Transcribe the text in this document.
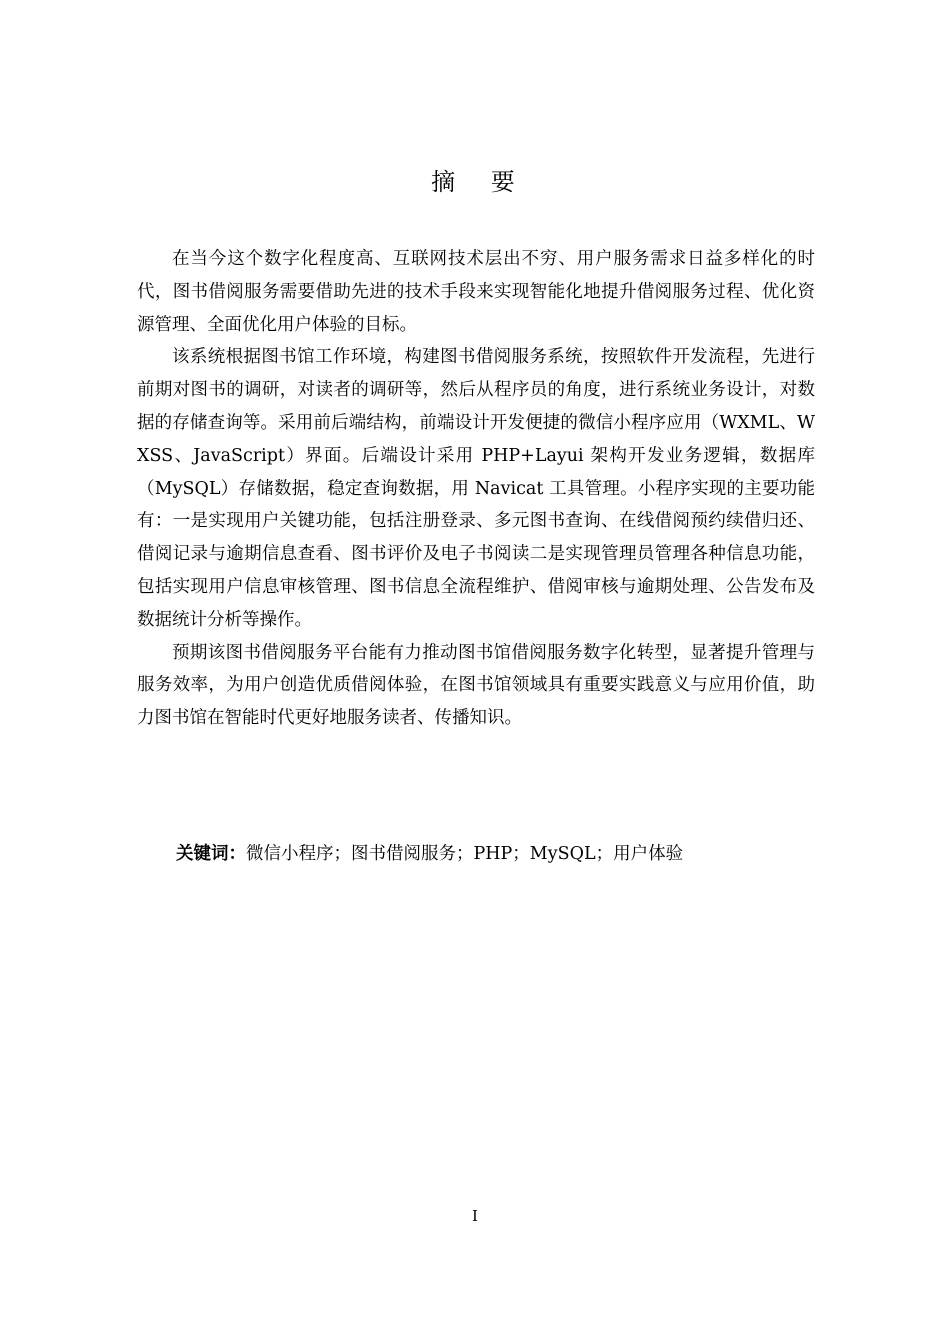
摘 要

在当今这个数字化程度高、互联网技术层出不穷、用户服务需求日益多样化的时代，图书借阅服务需要借助先进的技术手段来实现智能化地提升借阅服务过程、优化资源管理、全面优化用户体验的目标。

该系统根据图书馆工作环境，构建图书借阅服务系统，按照软件开发流程，先进行前期对图书的调研，对读者的调研等，然后从程序员的角度，进行系统业务设计，对数据的存储查询等。采用前后端结构，前端设计开发便捷的微信小程序应用（WXML、WXSS、JavaScript）界面。后端设计采用 PHP+Layui 架构开发业务逻辑，数据库（MySQL）存储数据，稳定查询数据，用 Navicat 工具管理。小程序实现的主要功能有：一是实现用户关键功能，包括注册登录、多元图书查询、在线借阅预约续借归还、借阅记录与逾期信息查看、图书评价及电子书阅读二是实现管理员管理各种信息功能，包括实现用户信息审核管理、图书信息全流程维护、借阅审核与逾期处理、公告发布及数据统计分析等操作。

预期该图书借阅服务平台能有力推动图书馆借阅服务数字化转型，显著提升管理与服务效率，为用户创造优质借阅体验，在图书馆领域具有重要实践意义与应用价值，助力图书馆在智能时代更好地服务读者、传播知识。

关键词：微信小程序；图书借阅服务；PHP；MySQL；用户体验
I
